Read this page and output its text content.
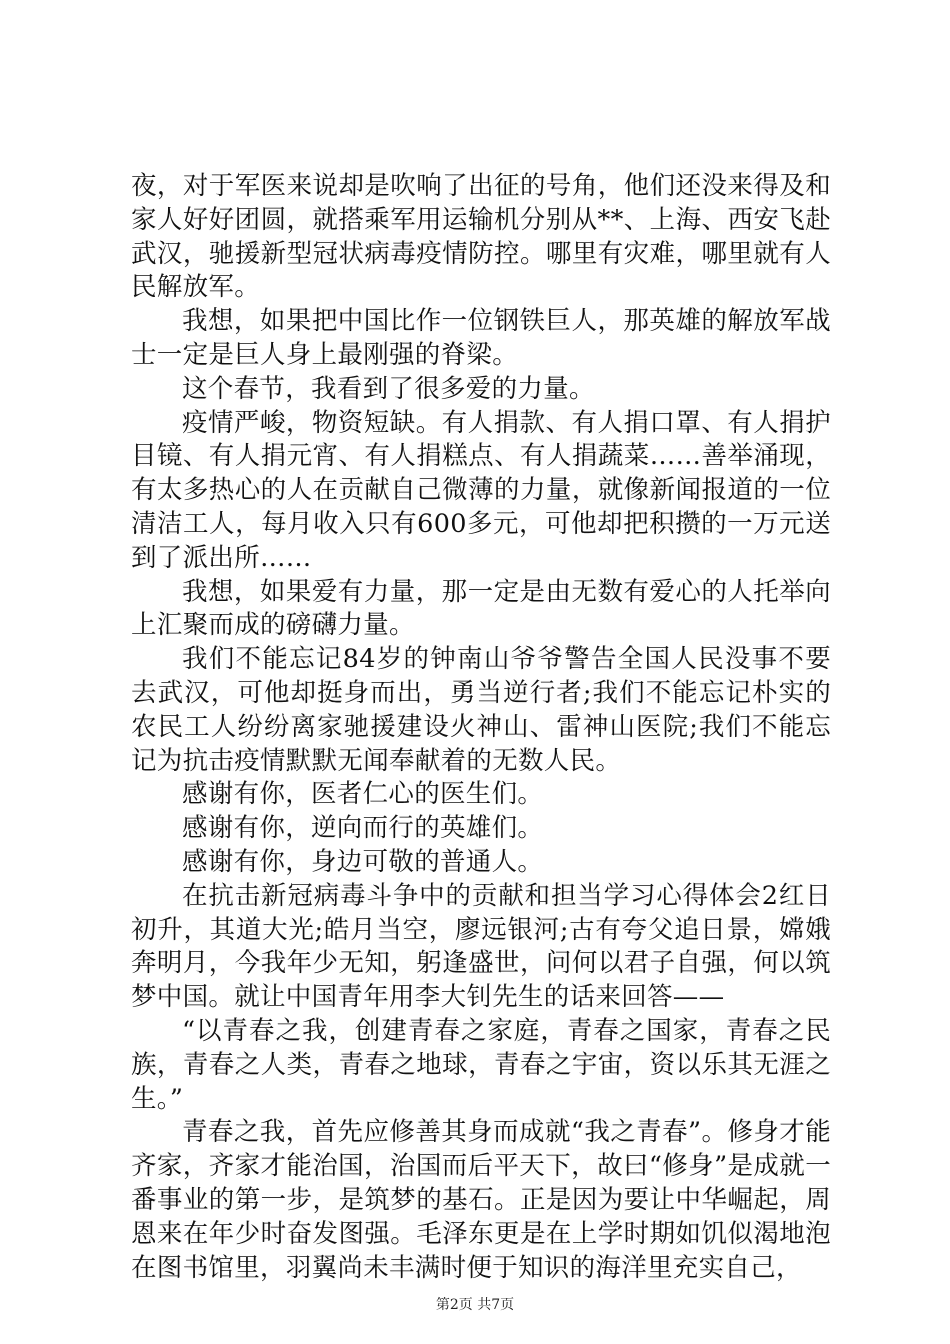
夜，对于军医来说却是吹响了出征的号角，他们还没来得及和家人好好团圆，就搭乘军用运输机分别从**、上海、西安飞赴武汉，驰援新型冠状病毒疫情防控。哪里有灾难，哪里就有人民解放军。

我想，如果把中国比作一位钢铁巨人，那英雄的解放军战士一定是巨人身上最刚强的脊梁。

这个春节，我看到了很多爱的力量。

疫情严峻，物资短缺。有人捐款、有人捐口罩、有人捐护目镜、有人捐元宵、有人捐糕点、有人捐蔬菜……善举涌现，有太多热心的人在贡献自己微薄的力量，就像新闻报道的一位清洁工人，每月收入只有600多元，可他却把积攒的一万元送到了派出所……

我想，如果爱有力量，那一定是由无数有爱心的人托举向上汇聚而成的磅礴力量。

我们不能忘记84岁的钟南山爷爷警告全国人民没事不要去武汉，可他却挺身而出，勇当逆行者;我们不能忘记朴实的农民工人纷纷离家驰援建设火神山、雷神山医院;我们不能忘记为抗击疫情默默无闻奉献着的无数人民。

感谢有你，医者仁心的医生们。

感谢有你，逆向而行的英雄们。

感谢有你，身边可敬的普通人。

在抗击新冠病毒斗争中的贡献和担当学习心得体会2红日初升，其道大光;皓月当空，廖远银河;古有夸父追日景，嫦娥奔明月，今我年少无知，躬逢盛世，问何以君子自强，何以筑梦中国。就让中国青年用李大钊先生的话来回答——

“以青春之我，创建青春之家庭，青春之国家，青春之民族，青春之人类，青春之地球，青春之宇宙，资以乐其无涯之生。”

青春之我，首先应修善其身而成就“我之青春”。修身才能齐家，齐家才能治国，治国而后平天下，故曰“修身”是成就一番事业的第一步，是筑梦的基石。正是因为要让中华崛起，周恩来在年少时奋发图强。毛泽东更是在上学时期如饥似渴地泡在图书馆里，羽翼尚未丰满时便于知识的海洋里充实自己，

第2页 共7页
